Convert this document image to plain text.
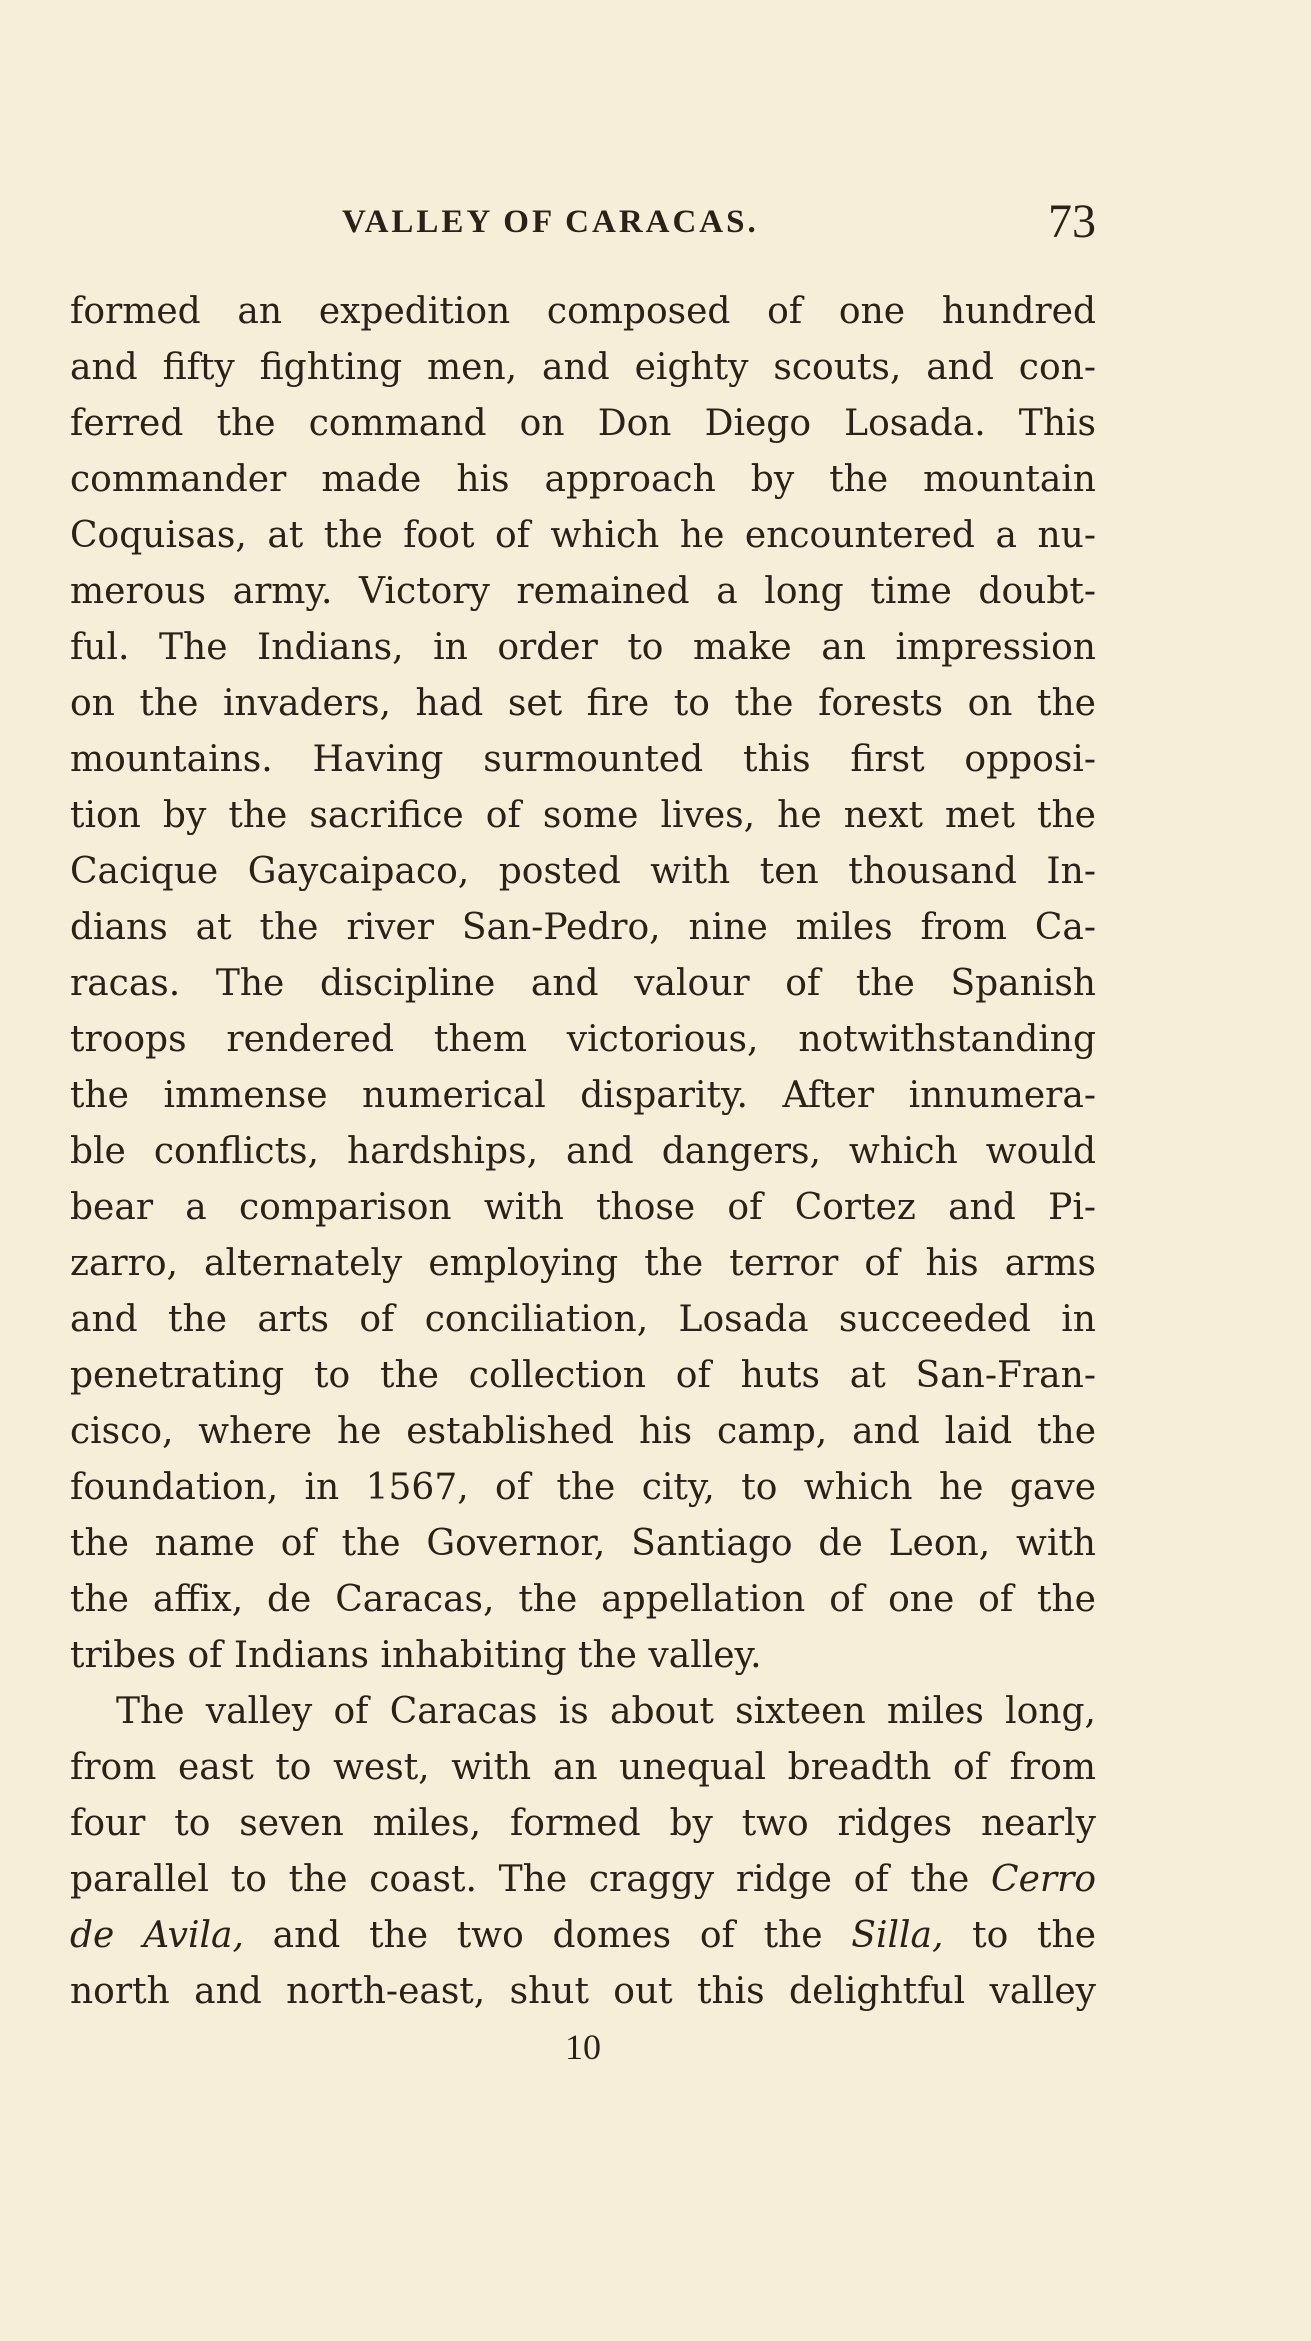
VALLEY OF CARACAS.	73
formed an expedition composed of one hundred
and fifty fighting men, and eighty scouts, and con-
ferred the command on Don Diego Losada. This
commander made his approach by the mountain
Coquisas, at the foot of which he encountered a nu-
merous army. Victory remained a long time doubt-
ful. The Indians, in order to make an impression
on the invaders, had set fire to the forests on the
mountains. Having surmounted this first opposi-
tion by the sacrifice of some lives, he next met the
Cacique Gaycaipaco, posted with ten thousand In-
dians at the river San-Pedro, nine miles from Ca-
racas. The discipline and valour of the Spanish
troops rendered them victorious, notwithstanding
the immense numerical disparity. After innumera-
ble conflicts, hardships, and dangers, which would
bear a comparison with those of Cortez and Pi-
zarro, alternately employing the terror of his arms
and the arts of conciliation, Losada succeeded in
penetrating to the collection of huts at San-Fran-
cisco, where he established his camp, and laid the
foundation, in 1567, of the city, to which he gave
the name of the Governor, Santiago de Leon, with
the affix, de Caracas, the appellation of one of the
tribes of Indians inhabiting the valley.
The valley of Caracas is about sixteen miles long,
from east to west, with an unequal breadth of from
four to seven miles, formed by two ridges nearly
parallel to the coast. The craggy ridge of the Cerro
de Avila, and the two domes of the Silla, to the
north and north-east, shut out this delightful valley
10
